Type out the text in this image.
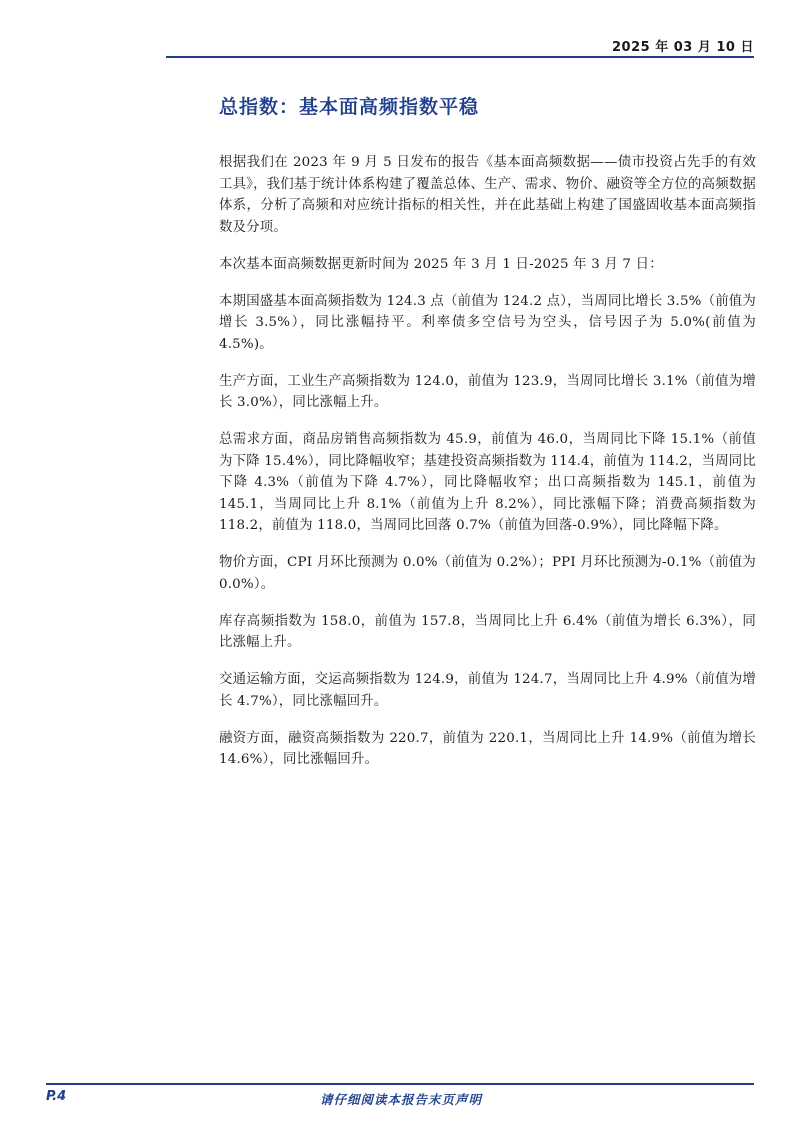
2025 年 03 月 10 日
总指数：基本面高频指数平稳

根据我们在 2023 年 9 月 5 日发布的报告《基本面高频数据——债市投资占先手的有效工具》，我们基于统计体系构建了覆盖总体、生产、需求、物价、融资等全方位的高频数据体系，分析了高频和对应统计指标的相关性，并在此基础上构建了国盛固收基本面高频指数及分项。

本次基本面高频数据更新时间为 2025 年 3 月 1 日-2025 年 3 月 7 日：

本期国盛基本面高频指数为 124.3 点（前值为 124.2 点），当周同比增长 3.5%（前值为增长 3.5%），同比涨幅持平。利率债多空信号为空头，信号因子为 5.0%(前值为 4.5%)。

生产方面，工业生产高频指数为 124.0，前值为 123.9，当周同比增长 3.1%（前值为增长 3.0%），同比涨幅上升。

总需求方面，商品房销售高频指数为 45.9，前值为 46.0，当周同比下降 15.1%（前值为下降 15.4%），同比降幅收窄；基建投资高频指数为 114.4，前值为 114.2，当周同比下降 4.3%（前值为下降 4.7%），同比降幅收窄；出口高频指数为 145.1，前值为 145.1，当周同比上升 8.1%（前值为上升 8.2%），同比涨幅下降；消费高频指数为 118.2，前值为 118.0，当周同比回落 0.7%（前值为回落-0.9%），同比降幅下降。

物价方面，CPI 月环比预测为 0.0%（前值为 0.2%）；PPI 月环比预测为-0.1%（前值为 0.0%）。

库存高频指数为 158.0，前值为 157.8，当周同比上升 6.4%（前值为增长 6.3%），同比涨幅上升。

交通运输方面，交运高频指数为 124.9，前值为 124.7，当周同比上升 4.9%（前值为增长 4.7%），同比涨幅回升。

融资方面，融资高频指数为 220.7，前值为 220.1，当周同比上升 14.9%（前值为增长 14.6%），同比涨幅回升。

P.4	请仔细阅读本报告末页声明
